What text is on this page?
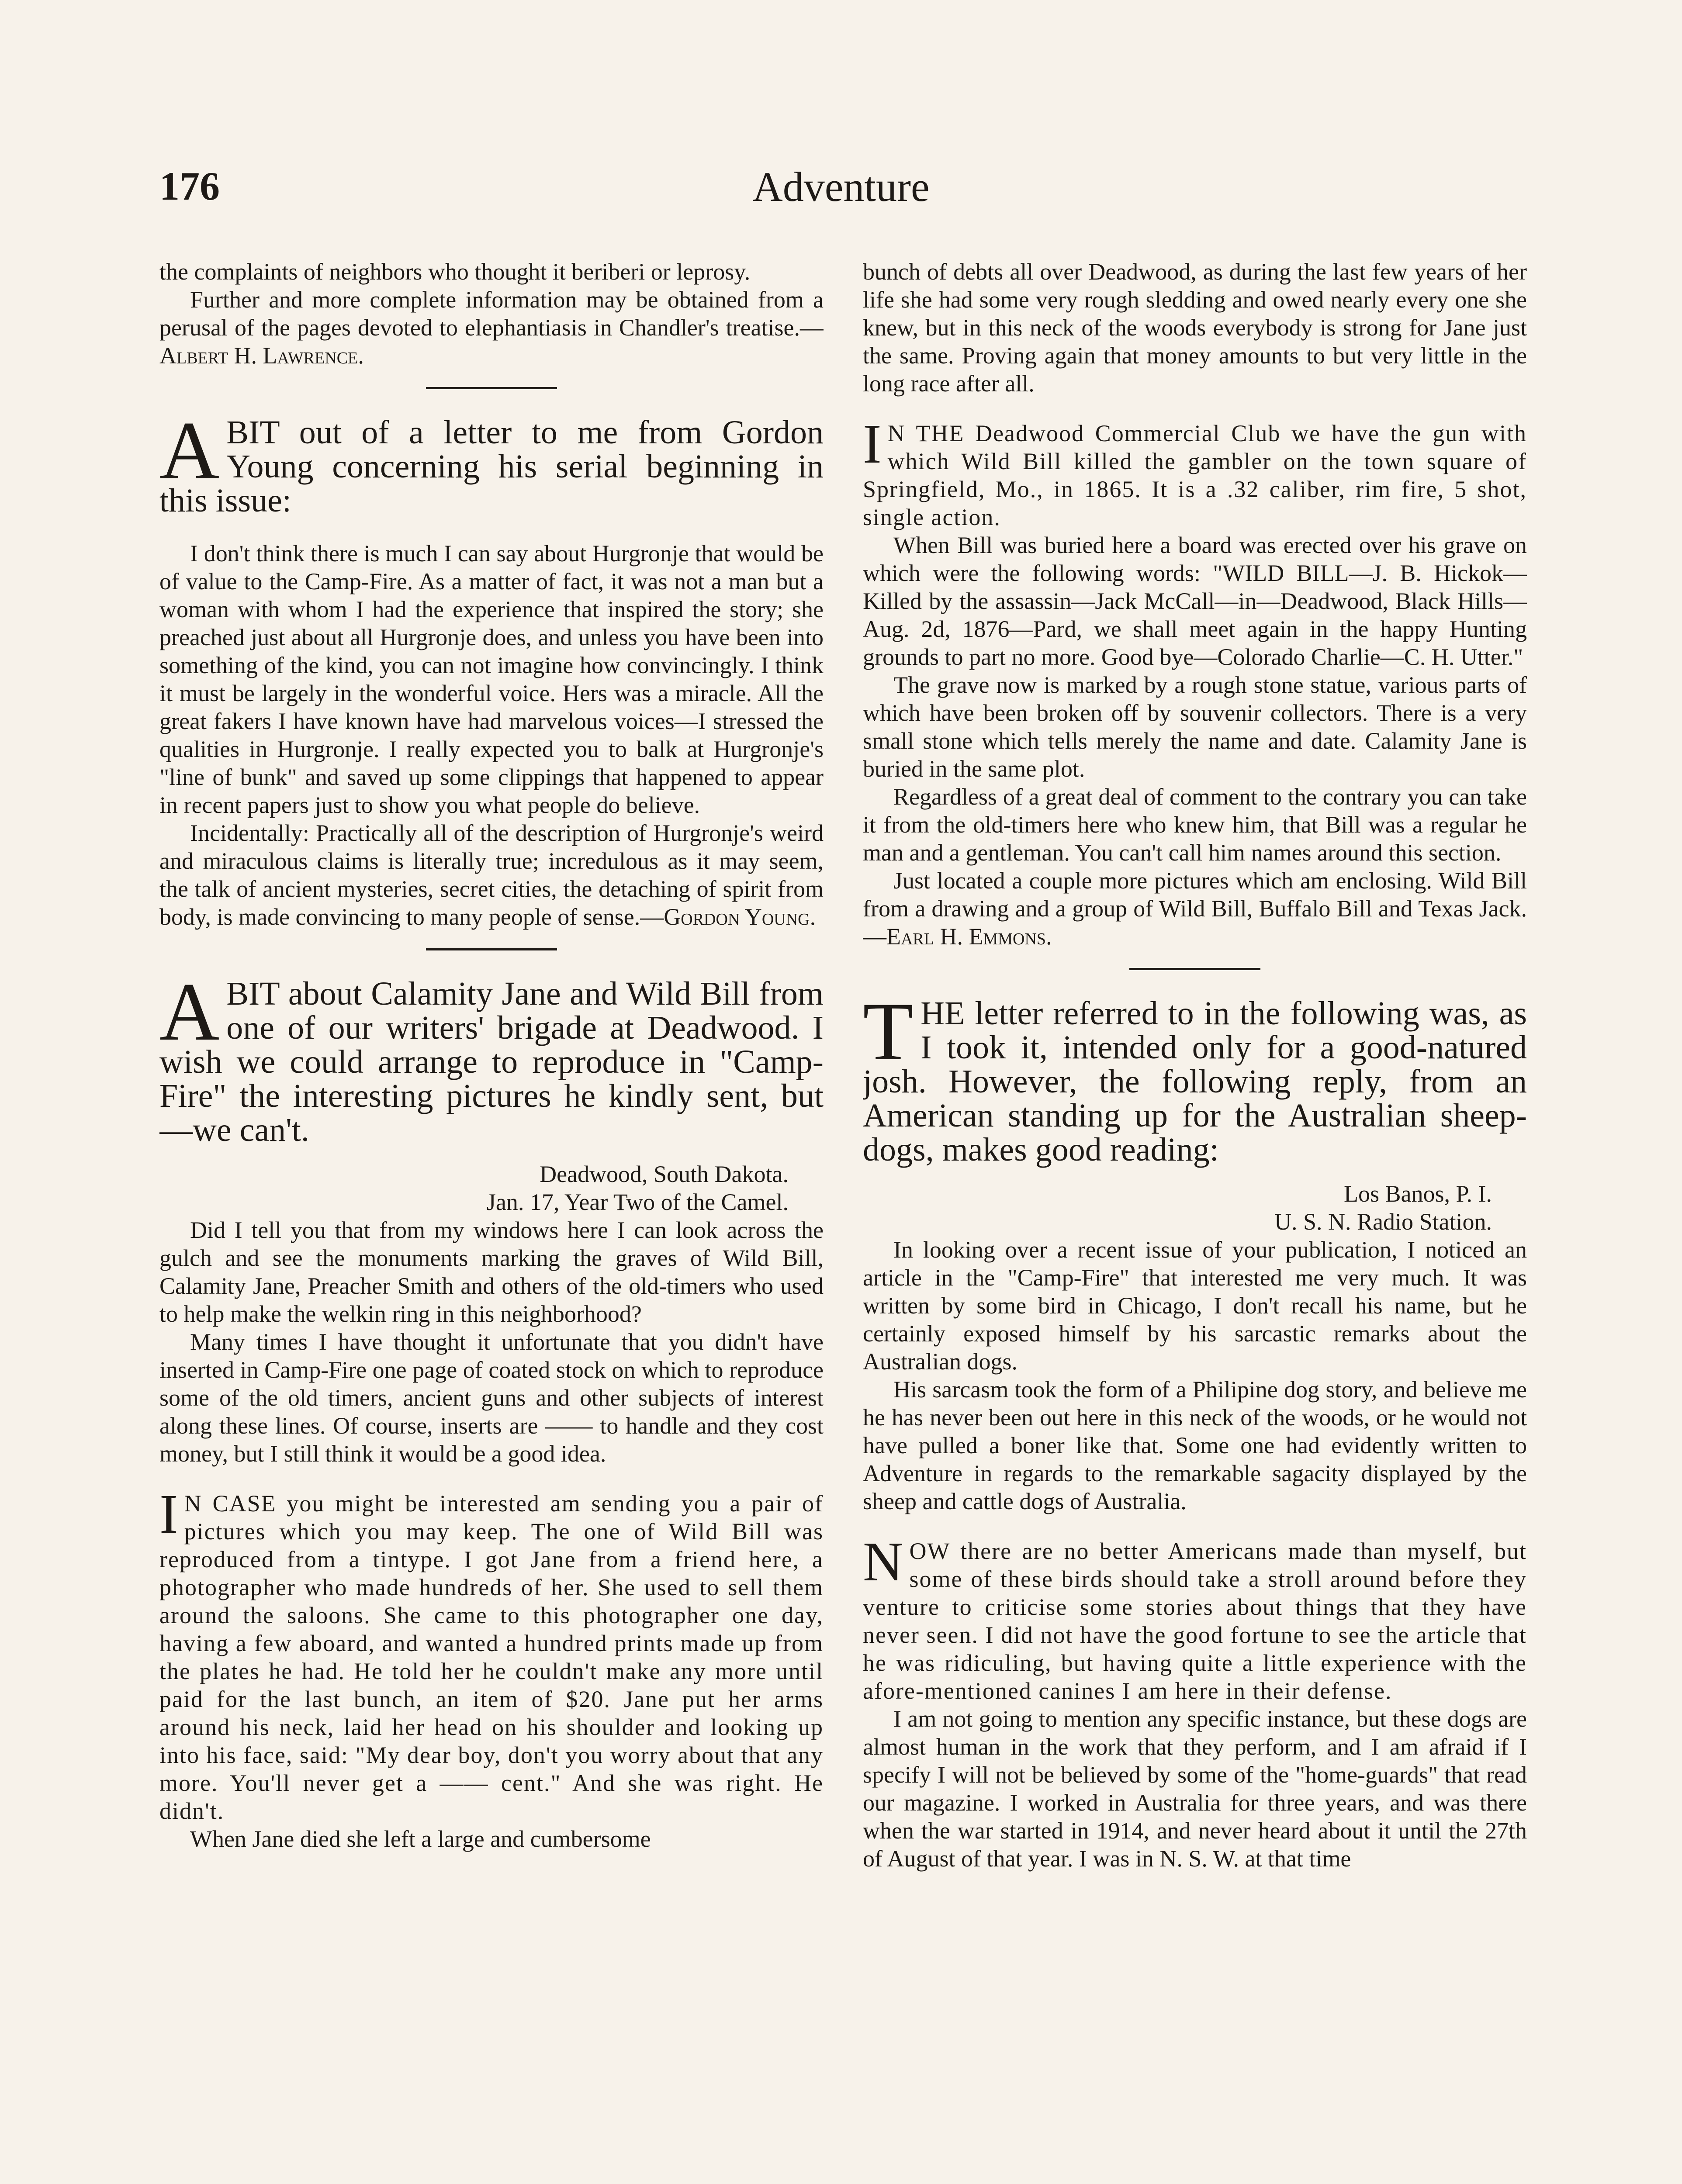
Adventure
176

the complaints of neighbors who thought it beriberi or leprosy.

Further and more complete information may be obtained from a perusal of the pages devoted to elephantiasis in Chandler's treatise.—Albert H. Lawrence.

ABIT out of a letter to me from Gordon Young concerning his serial beginning in this issue:

I don't think there is much I can say about Hurgronje that would be of value to the Camp-Fire. As a matter of fact, it was not a man but a woman with whom I had the experience that inspired the story; she preached just about all Hurgronje does, and unless you have been into something of the kind, you can not imagine how convincingly. I think it must be largely in the wonderful voice. Hers was a miracle. All the great fakers I have known have had marvelous voices—I stressed the qualities in Hurgronje. I really expected you to balk at Hurgronje's "line of bunk" and saved up some clippings that happened to appear in recent papers just to show you what people do believe.

Incidentally: Practically all of the description of Hurgronje's weird and miraculous claims is literally true; incredulous as it may seem, the talk of ancient mysteries, secret cities, the detaching of spirit from body, is made convincing to many people of sense.—Gordon Young.

ABIT about Calamity Jane and Wild Bill from one of our writers' brigade at Deadwood. I wish we could arrange to reproduce in "Camp-Fire" the interesting pictures he kindly sent, but—we can't.

Deadwood, South Dakota.

Jan. 17, Year Two of the Camel.

Did I tell you that from my windows here I can look across the gulch and see the monuments marking the graves of Wild Bill, Calamity Jane, Preacher Smith and others of the old-timers who used to help make the welkin ring in this neighborhood?

Many times I have thought it unfortunate that you didn't have inserted in Camp-Fire one page of coated stock on which to reproduce some of the old timers, ancient guns and other subjects of interest along these lines. Of course, inserts are —— to handle and they cost money, but I still think it would be a good idea.

I N CASE you might be interested am sending you a pair of pictures which you may keep. The one of Wild Bill was reproduced from a tintype. I got Jane from a friend here, a photographer who made hundreds of her. She used to sell them around the saloons. She came to this photographer one day, having a few aboard, and wanted a hundred prints made up from the plates he had. He told her he couldn't make any more until paid for the last bunch, an item of $20. Jane put her arms around his neck, laid her head on his shoulder and looking up into his face, said: "My dear boy, don't you worry about that any more. You'll never get a —— cent." And she was right. He didn't.

When Jane died she left a large and cumbersome

bunch of debts all over Deadwood, as during the last few years of her life she had some very rough sledding and owed nearly every one she knew, but in this neck of the woods everybody is strong for Jane just the same. Proving again that money amounts to but very little in the long race after all.

I N THE Deadwood Commercial Club we have the gun with which Wild Bill killed the gambler on the town square of Springfield, Mo., in 1865. It is a .32 caliber, rim fire, 5 shot, single action.

When Bill was buried here a board was erected over his grave on which were the following words: "WILD BILL—J. B. Hickok—Killed by the assassin—Jack McCall—in—Deadwood, Black Hills—Aug. 2d, 1876—Pard, we shall meet again in the happy Hunting grounds to part no more. Good bye—Colorado Charlie—C. H. Utter."

The grave now is marked by a rough stone statue, various parts of which have been broken off by souvenir collectors. There is a very small stone which tells merely the name and date. Calamity Jane is buried in the same plot.

Regardless of a great deal of comment to the contrary you can take it from the old-timers here who knew him, that Bill was a regular he man and a gentleman. You can't call him names around this section.

Just located a couple more pictures which am enclosing. Wild Bill from a drawing and a group of Wild Bill, Buffalo Bill and Texas Jack.—Earl H. Emmons.

THE letter referred to in the following was, as I took it, intended only for a good-natured josh. However, the following reply, from an American standing up for the Australian sheep-dogs, makes good reading:

Los Banos, P. I.

U. S. N. Radio Station.

In looking over a recent issue of your publication, I noticed an article in the "Camp-Fire" that interested me very much. It was written by some bird in Chicago, I don't recall his name, but he certainly exposed himself by his sarcastic remarks about the Australian dogs.

His sarcasm took the form of a Philipine dog story, and believe me he has never been out here in this neck of the woods, or he would not have pulled a boner like that. Some one had evidently written to Adventure in regards to the remarkable sagacity displayed by the sheep and cattle dogs of Australia.

NOW there are no better Americans made than myself, but some of these birds should take a stroll around before they venture to criticise some stories about things that they have never seen. I did not have the good fortune to see the article that he was ridiculing, but having quite a little experience with the afore-mentioned canines I am here in their defense.

I am not going to mention any specific instance, but these dogs are almost human in the work that they perform, and I am afraid if I specify I will not be believed by some of the "home-guards" that read our magazine. I worked in Australia for three years, and was there when the war started in 1914, and never heard about it until the 27th of August of that year. I was in N. S. W. at that time
